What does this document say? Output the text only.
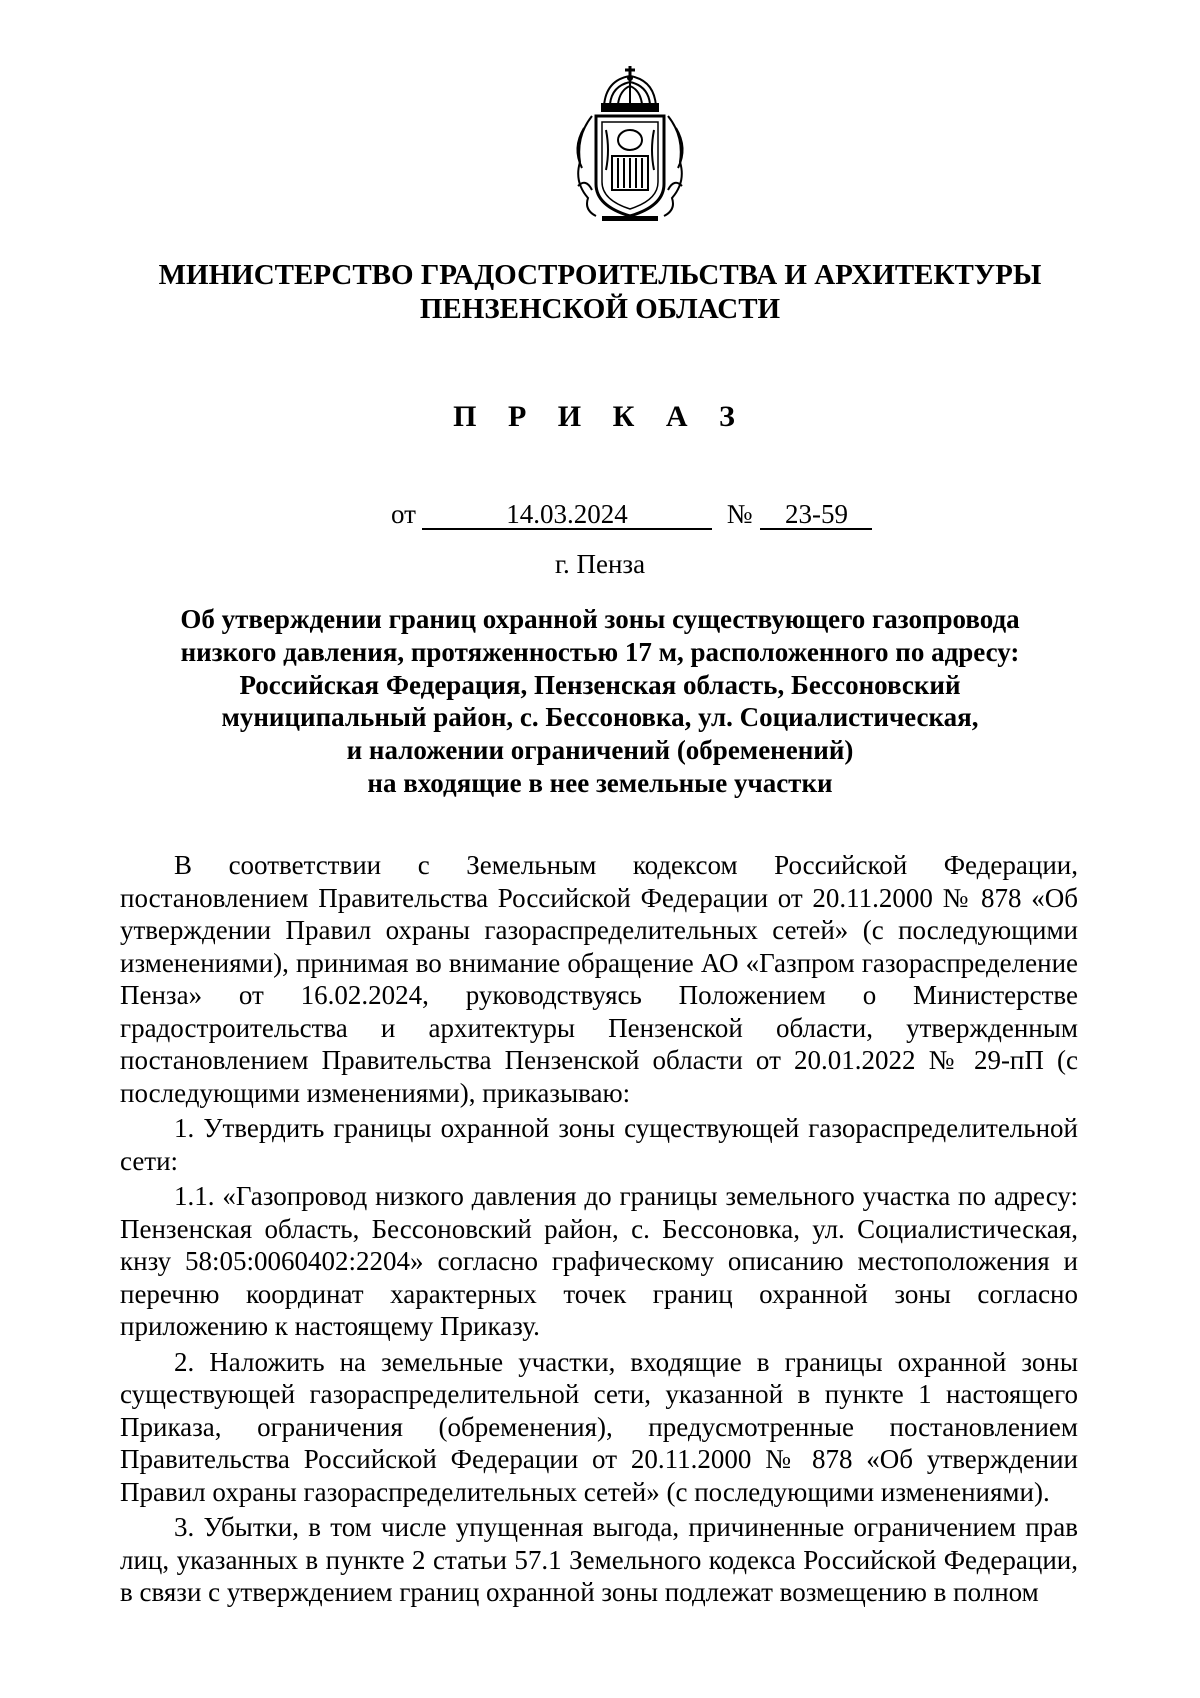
МИНИСТЕРСТВО ГРАДОСТРОИТЕЛЬСТВА И АРХИТЕКТУРЫ
ПЕНЗЕНСКОЙ ОБЛАСТИ
П Р И К А З
от	14.03.2024	№ 23-59
г. Пенза
Об утверждении границ охранной зоны существующего газопровода
низкого давления, протяженностью 17 м, расположенного по адресу:
Российская Федерация, Пензенская область, Бессоновский
муниципальный район, с. Бессоновка, ул. Социалистическая,
и наложении ограничений (обременений)
на входящие в нее земельные участки

В соответствии с Земельным кодексом Российской Федерации, постановлением Правительства Российской Федерации от 20.11.2000 № 878 «Об утверждении Правил охраны газораспределительных сетей» (с последующими изменениями), принимая во внимание обращение АО «Газпром газораспределение Пенза» от 16.02.2024, руководствуясь Положением о Министерстве градостроительства и архитектуры Пензенской области, утвержденным постановлением Правительства Пензенской области от 20.01.2022 № 29-пП (с последующими изменениями), приказываю:

1. Утвердить границы охранной зоны существующей газораспределительной сети:

1.1. «Газопровод низкого давления до границы земельного участка по адресу: Пензенская область, Бессоновский район, с. Бессоновка, ул. Социалистическая, кнзу 58:05:0060402:2204» согласно графическому описанию местоположения и перечню координат характерных точек границ охранной зоны согласно приложению к настоящему Приказу.

2. Наложить на земельные участки, входящие в границы охранной зоны существующей газораспределительной сети, указанной в пункте 1 настоящего Приказа, ограничения (обременения), предусмотренные постановлением Правительства Российской Федерации от 20.11.2000 № 878 «Об утверждении Правил охраны газораспределительных сетей» (с последующими изменениями).

3. Убытки, в том числе упущенная выгода, причиненные ограничением прав лиц, указанных в пункте 2 статьи 57.1 Земельного кодекса Российской Федерации, в связи с утверждением границ охранной зоны подлежат возмещению в полном
